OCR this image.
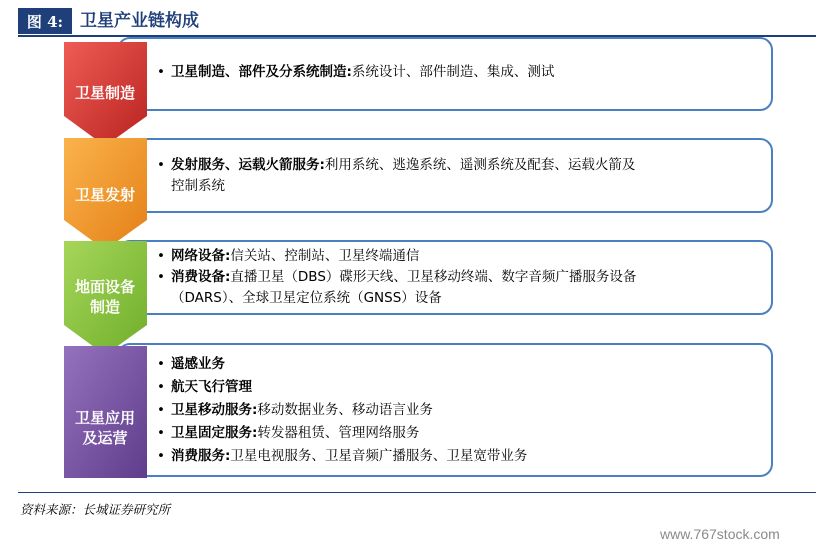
图 4: 卫星产业链构成
卫星制造
卫星发射
地面设备
制造
卫星应用
及运营
• 卫星制造、部件及分系统制造:系统设计、部件制造、集成、测试
• 发射服务、运载火箭服务:利用系统、逃逸系统、遥测系统及配套、运载火箭及
控制系统
• 网络设备:信关站、控制站、卫星终端通信
• 消费设备:直播卫星（DBS）碟形天线、卫星移动终端、数字音频广播服务设备
（DARS）、全球卫星定位系统（GNSS）设备
• 遥感业务
• 航天飞行管理
• 卫星移动服务:移动数据业务、移动语言业务
• 卫星固定服务:转发器租赁、管理网络服务
• 消费服务:卫星电视服务、卫星音频广播服务、卫星宽带业务
资料来源：长城证券研究所
www.767stock.com
